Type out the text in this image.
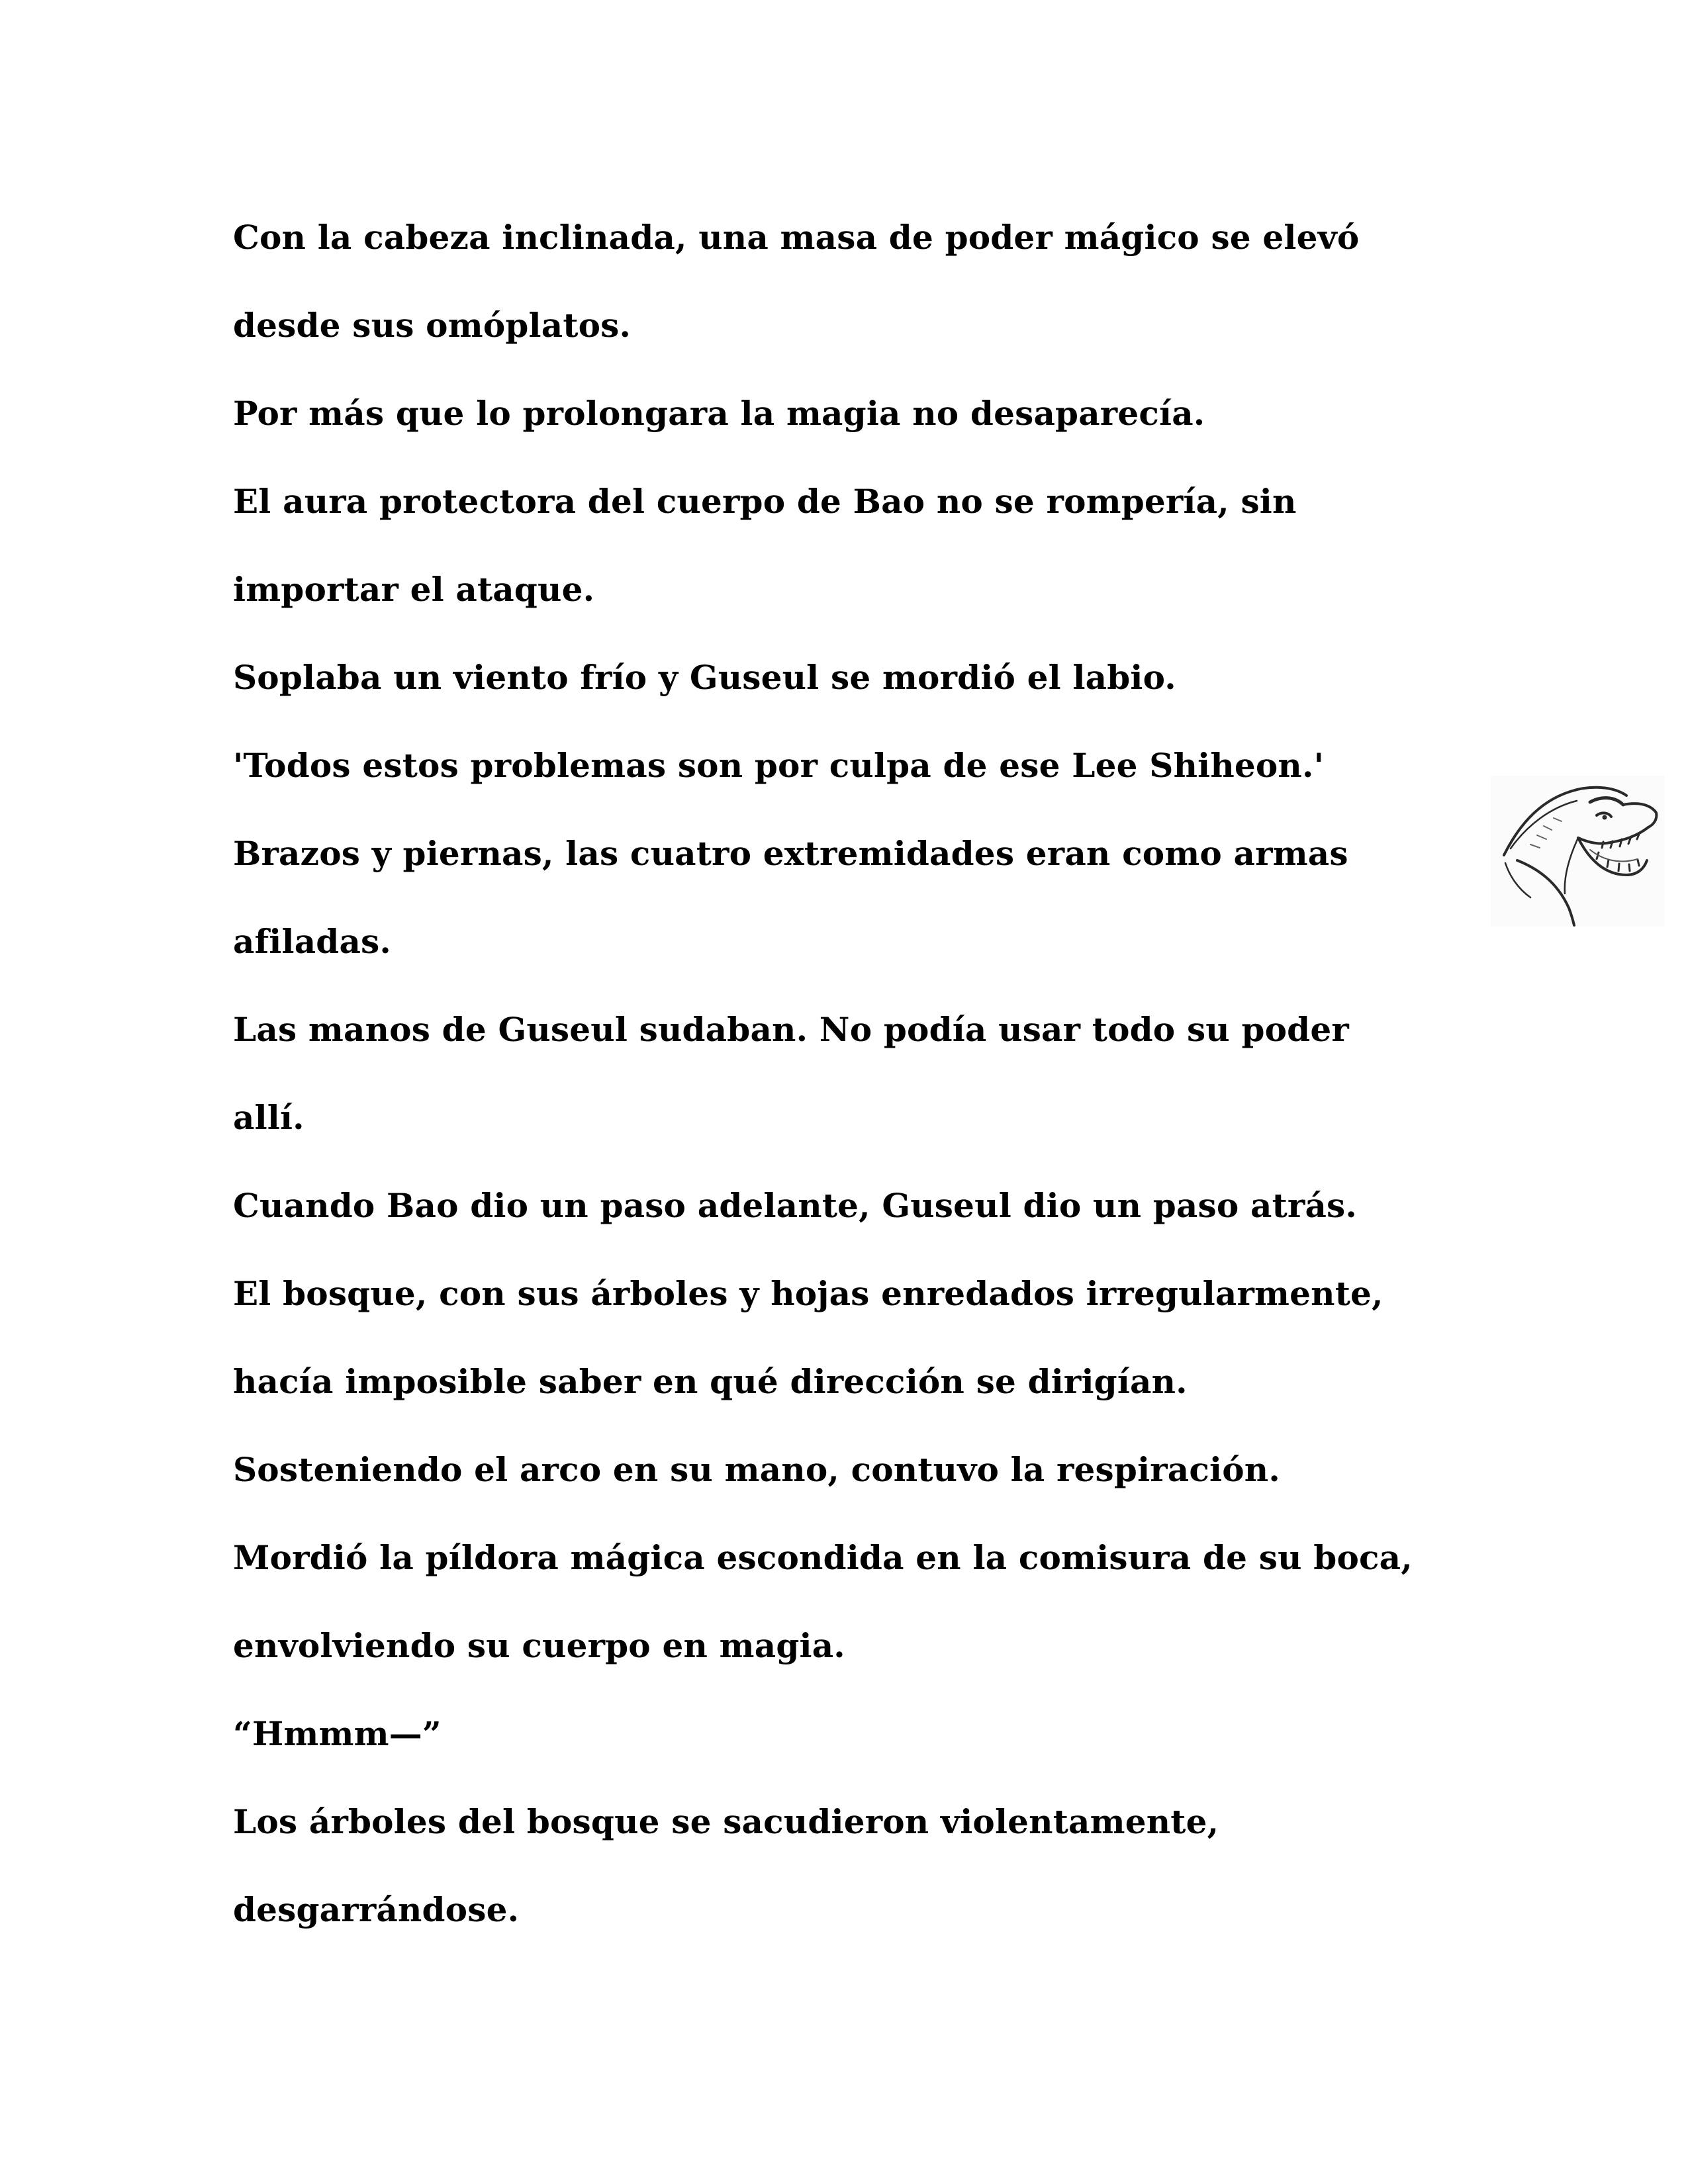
Con la cabeza inclinada, una masa de poder mágico se elevó
desde sus omóplatos.
Por más que lo prolongara la magia no desaparecía.
El aura protectora del cuerpo de Bao no se rompería, sin
importar el ataque.
Soplaba un viento frío y Guseul se mordió el labio.
'Todos estos problemas son por culpa de ese Lee Shiheon.'
Brazos y piernas, las cuatro extremidades eran como armas
afiladas.
Las manos de Guseul sudaban. No podía usar todo su poder
allí.
Cuando Bao dio un paso adelante, Guseul dio un paso atrás.
El bosque, con sus árboles y hojas enredados irregularmente,
hacía imposible saber en qué dirección se dirigían.
Sosteniendo el arco en su mano, contuvo la respiración.
Mordió la píldora mágica escondida en la comisura de su boca,
envolviendo su cuerpo en magia.
“Hmmm—”
Los árboles del bosque se sacudieron violentamente,
desgarrándose.
